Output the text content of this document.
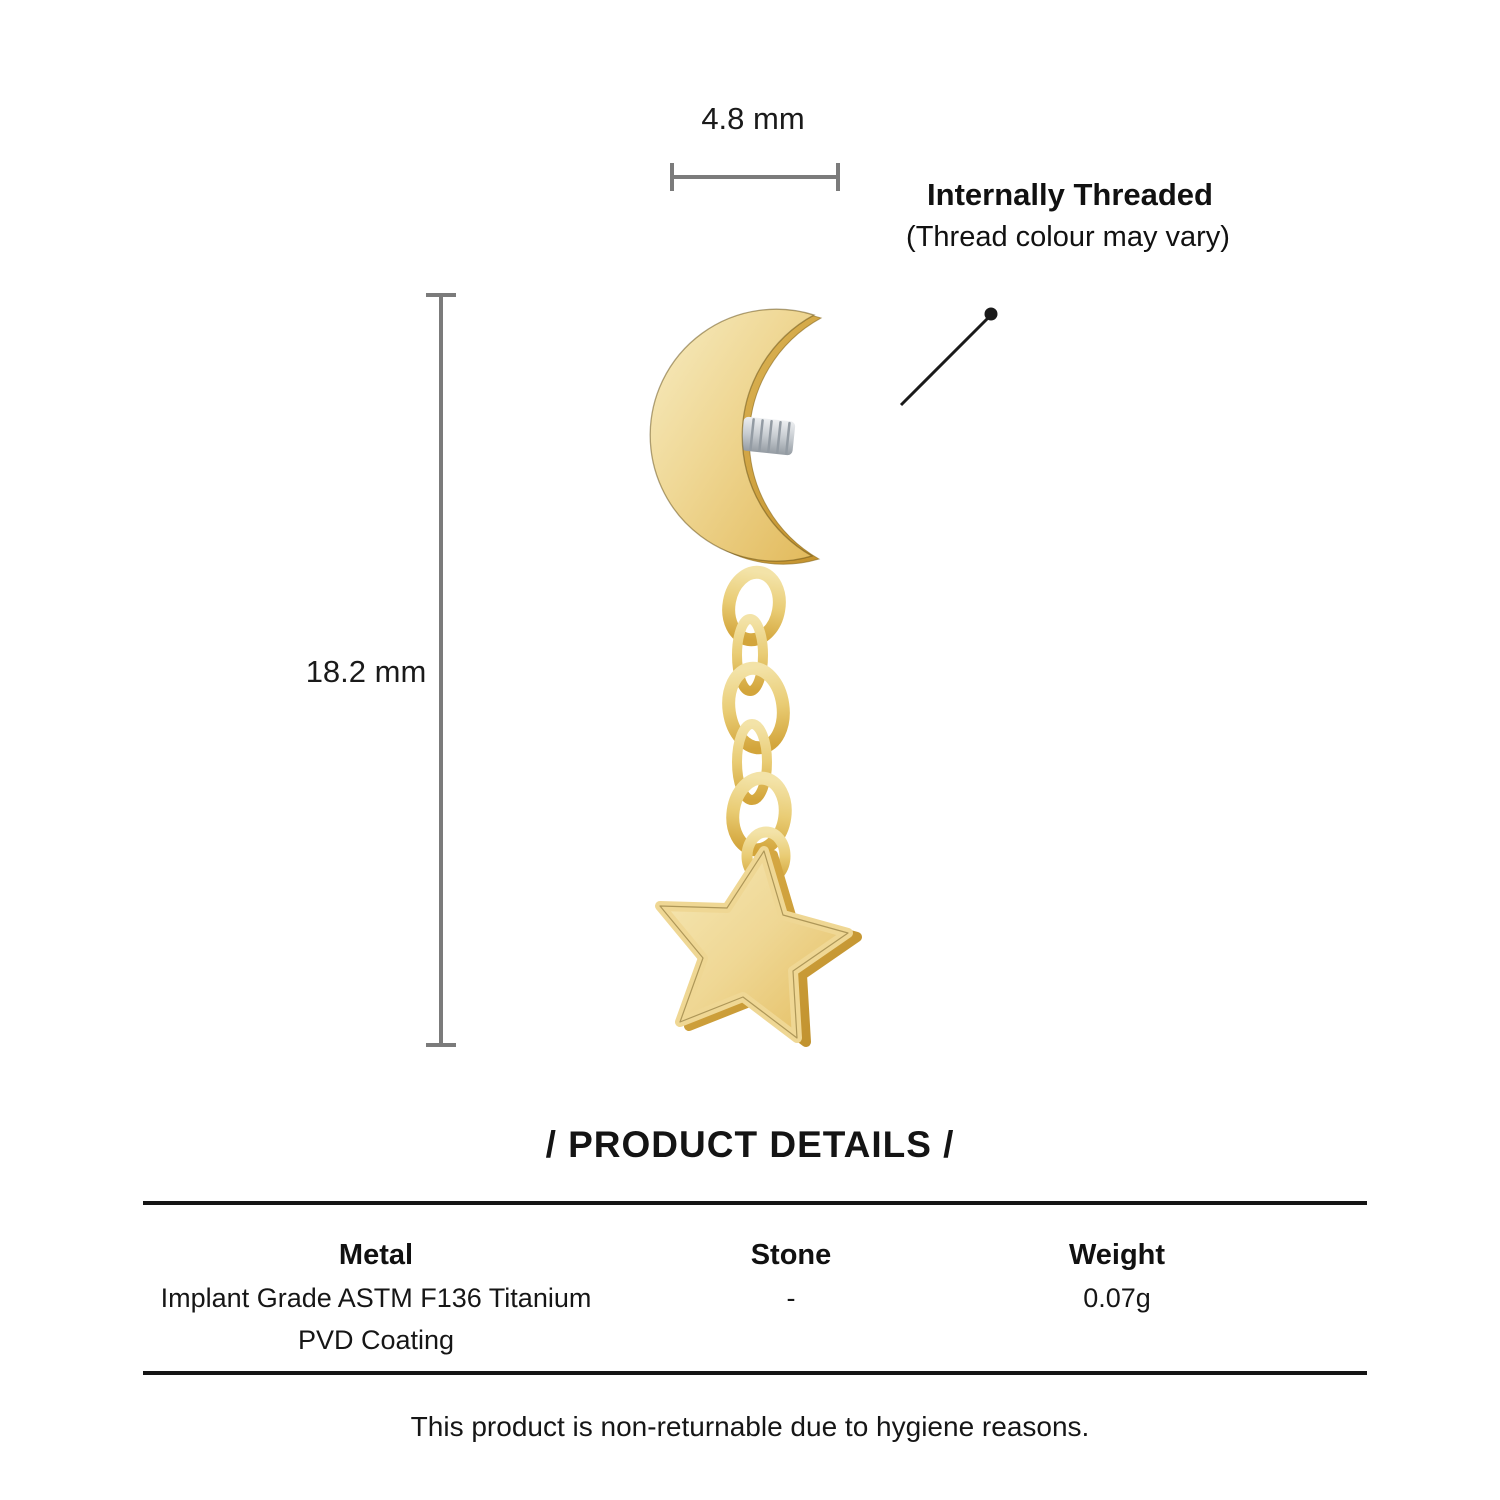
4.8 mm
Internally Threaded
(Thread colour may vary)
18.2 mm
/ PRODUCT DETAILS /
Metal
Implant Grade ASTM F136 Titanium
PVD Coating
Stone
-
Weight
0.07g
This product is non-returnable due to hygiene reasons.
